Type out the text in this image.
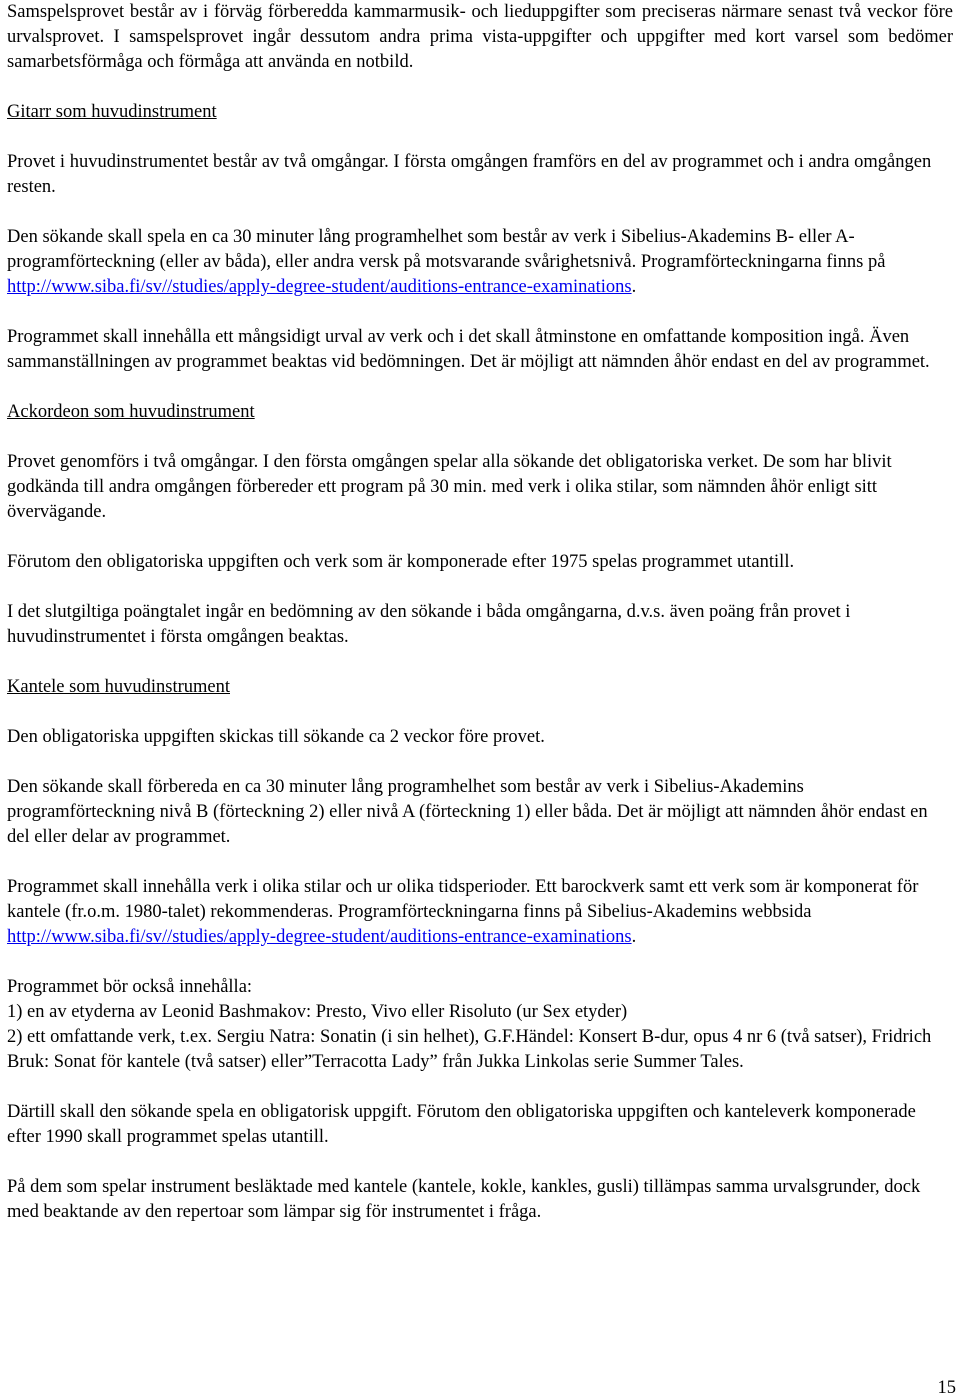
Samspelsprovet består av i förväg förberedda kammarmusik- och lieduppgifter som preciseras närmare senast två veckor före urvalsprovet. I samspelsprovet ingår dessutom andra prima vista-uppgifter och uppgifter med kort varsel som bedömer samarbetsförmåga och förmåga att använda en notbild.

Gitarr som huvudinstrument

Provet i huvudinstrumentet består av två omgångar. I första omgången framförs en del av programmet och i andra omgången resten.

Den sökande skall spela en ca 30 minuter lång programhelhet som består av verk i Sibelius-Akademins B- eller A-programförteckning (eller av båda), eller andra versk på motsvarande svårighetsnivå. Programförteckningarna finns på http://www.siba.fi/sv//studies/apply-degree-student/auditions-entrance-examinations.

Programmet skall innehålla ett mångsidigt urval av verk och i det skall åtminstone en omfattande komposition ingå. Även sammanställningen av programmet beaktas vid bedömningen. Det är möjligt att nämnden åhör endast en del av programmet.

Ackordeon som huvudinstrument

Provet genomförs i två omgångar. I den första omgången spelar alla sökande det obligatoriska verket. De som har blivit godkända till andra omgången förbereder ett program på 30 min. med verk i olika stilar, som nämnden åhör enligt sitt övervägande.

Förutom den obligatoriska uppgiften och verk som är komponerade efter 1975 spelas programmet utantill.

I det slutgiltiga poängtalet ingår en bedömning av den sökande i båda omgångarna, d.v.s. även poäng från provet i huvudinstrumentet i första omgången beaktas.

Kantele som huvudinstrument

Den obligatoriska uppgiften skickas till sökande ca 2 veckor före provet.

Den sökande skall förbereda en ca 30 minuter lång programhelhet som består av verk i Sibelius-Akademins programförteckning nivå B (förteckning 2) eller nivå A (förteckning 1) eller båda. Det är möjligt att nämnden åhör endast en del eller delar av programmet.

Programmet skall innehålla verk i olika stilar och ur olika tidsperioder. Ett barockverk samt ett verk som är komponerat för kantele (fr.o.m. 1980-talet) rekommenderas. Programförteckningarna finns på Sibelius-Akademins webbsida http://www.siba.fi/sv//studies/apply-degree-student/auditions-entrance-examinations.

Programmet bör också innehålla:

1) en av etyderna av Leonid Bashmakov: Presto, Vivo eller Risoluto (ur Sex etyder)

2) ett omfattande verk, t.ex. Sergiu Natra: Sonatin (i sin helhet), G.F.Händel: Konsert B-dur, opus 4 nr 6 (två satser), Fridrich Bruk: Sonat för kantele (två satser) eller”Terracotta Lady” från Jukka Linkolas serie Summer Tales.

Därtill skall den sökande spela en obligatorisk uppgift. Förutom den obligatoriska uppgiften och kanteleverk komponerade efter 1990 skall programmet spelas utantill.

På dem som spelar instrument besläktade med kantele (kantele, kokle, kankles, gusli) tillämpas samma urvalsgrunder, dock med beaktande av den repertoar som lämpar sig för instrumentet i fråga.

15
